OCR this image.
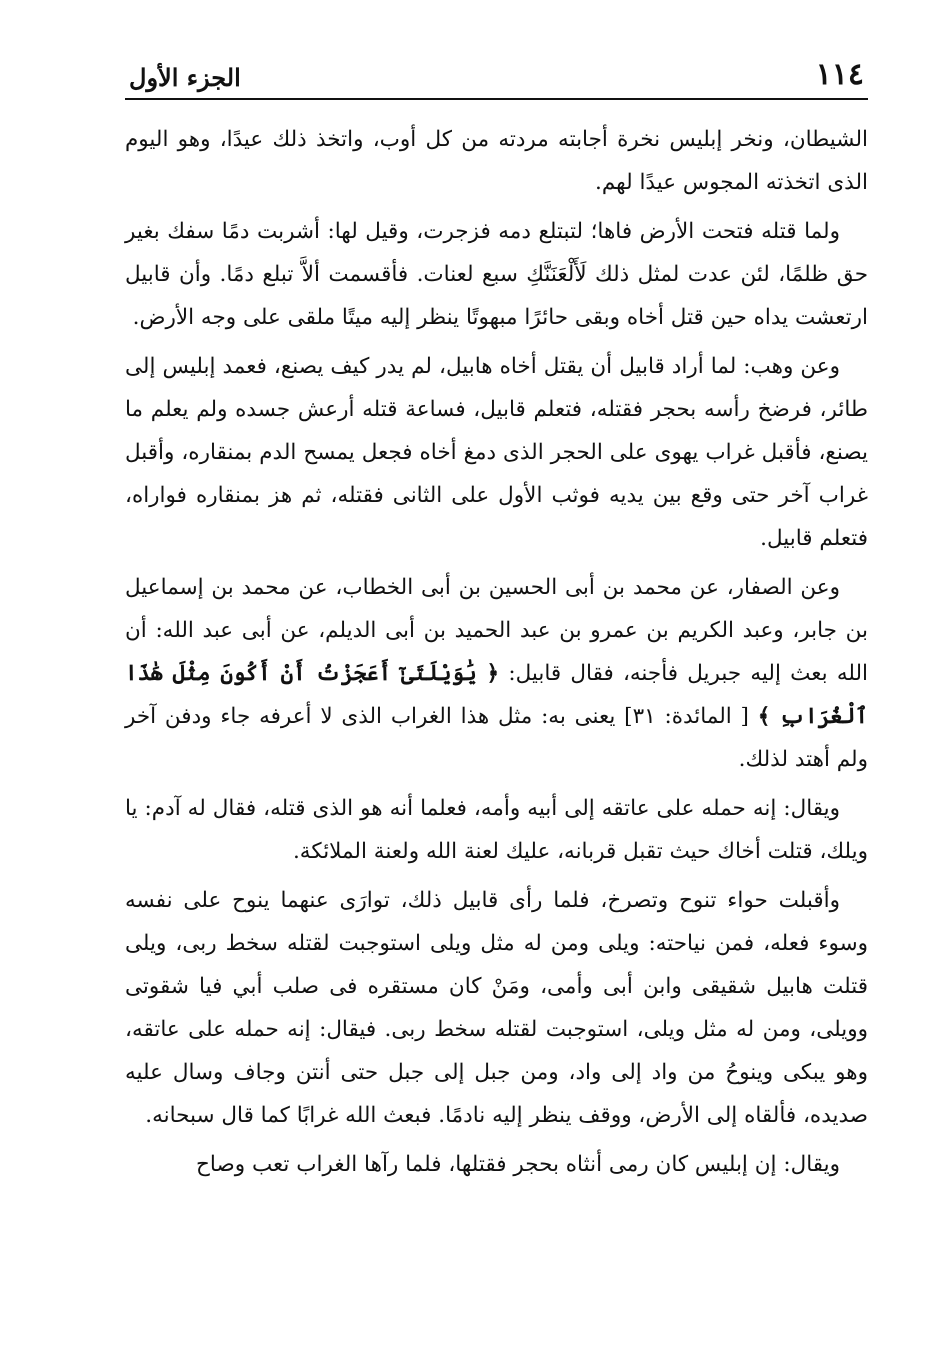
١١٤
الجزء الأول

الشيطان، ونخر إبليس نخرة أجابته مردته من كل أوب، واتخذ ذلك عيدًا، وهو اليوم الذى اتخذته المجوس عيدًا لهم.

ولما قتله فتحت الأرض فاها؛ لتبتلع دمه فزجرت، وقيل لها: أشربت دمًا سفك بغير حق ظلمًا، لئن عدت لمثل ذلك لَأَلْعَنَنَّكِ سبع لعنات. فأقسمت ألاَّ تبلع دمًا. وأن قابيل ارتعشت يداه حين قتل أخاه وبقى حائرًا مبهوتًا ينظر إليه ميتًا ملقى على وجه الأرض.

وعن وهب: لما أراد قابيل أن يقتل أخاه هابيل، لم يدر كيف يصنع، فعمد إبليس إلى طائر، فرضخ رأسه بحجر فقتله، فتعلم قابيل، فساعة قتله أرعش جسده ولم يعلم ما يصنع، فأقبل غراب يهوى على الحجر الذى دمغ أخاه فجعل يمسح الدم بمنقاره، وأقبل غراب آخر حتى وقع بين يديه فوثب الأول على الثانى فقتله، ثم هز بمنقاره فواراه، فتعلم قابيل.

وعن الصفار، عن محمد بن أبى الحسين بن أبى الخطاب، عن محمد بن إسماعيل بن جابر، وعبد الكريم بن عمرو بن عبد الحميد بن أبى الديلم، عن أبى عبد الله: أن الله بعث إليه جبريل فأجنه، فقال قابيل: ﴿ يَٰوَيْلَتَىٰٓ أَعَجَزْتُ أَنْ أَكُونَ مِثْلَ هَٰذَا ٱلْغُرَابِ ﴾ [ المائدة: ٣١] يعنى به: مثل هذا الغراب الذى لا أعرفه جاء ودفن آخر ولم أهتد لذلك.

ويقال: إنه حمله على عاتقه إلى أبيه وأمه، فعلما أنه هو الذى قتله، فقال له آدم: يا ويلك، قتلت أخاك حيث تقبل قربانه، عليك لعنة الله ولعنة الملائكة.

وأقبلت حواء تنوح وتصرخ، فلما رأى قابيل ذلك، توارَى عنهما ينوح على نفسه وسوء فعله، فمن نياحته: ويلى ومن له مثل ويلى استوجبت لقتله سخط ربى، ويلى قتلت هابيل شقيقى وابن أبى وأمى، ومَنْ كان مستقره فى صلب أبي فيا شقوتى وويلى، ومن له مثل ويلى، استوجبت لقتله سخط ربى. فيقال: إنه حمله على عاتقه، وهو يبكى وينوحُ من واد إلى واد، ومن جبل إلى جبل حتى أنتن وجاف وسال عليه صديده، فألقاه إلى الأرض، ووقف ينظر إليه نادمًا. فبعث الله غرابًا كما قال سبحانه.

ويقال: إن إبليس كان رمى أنثاه بحجر فقتلها، فلما رآها الغراب تعب وصاح
